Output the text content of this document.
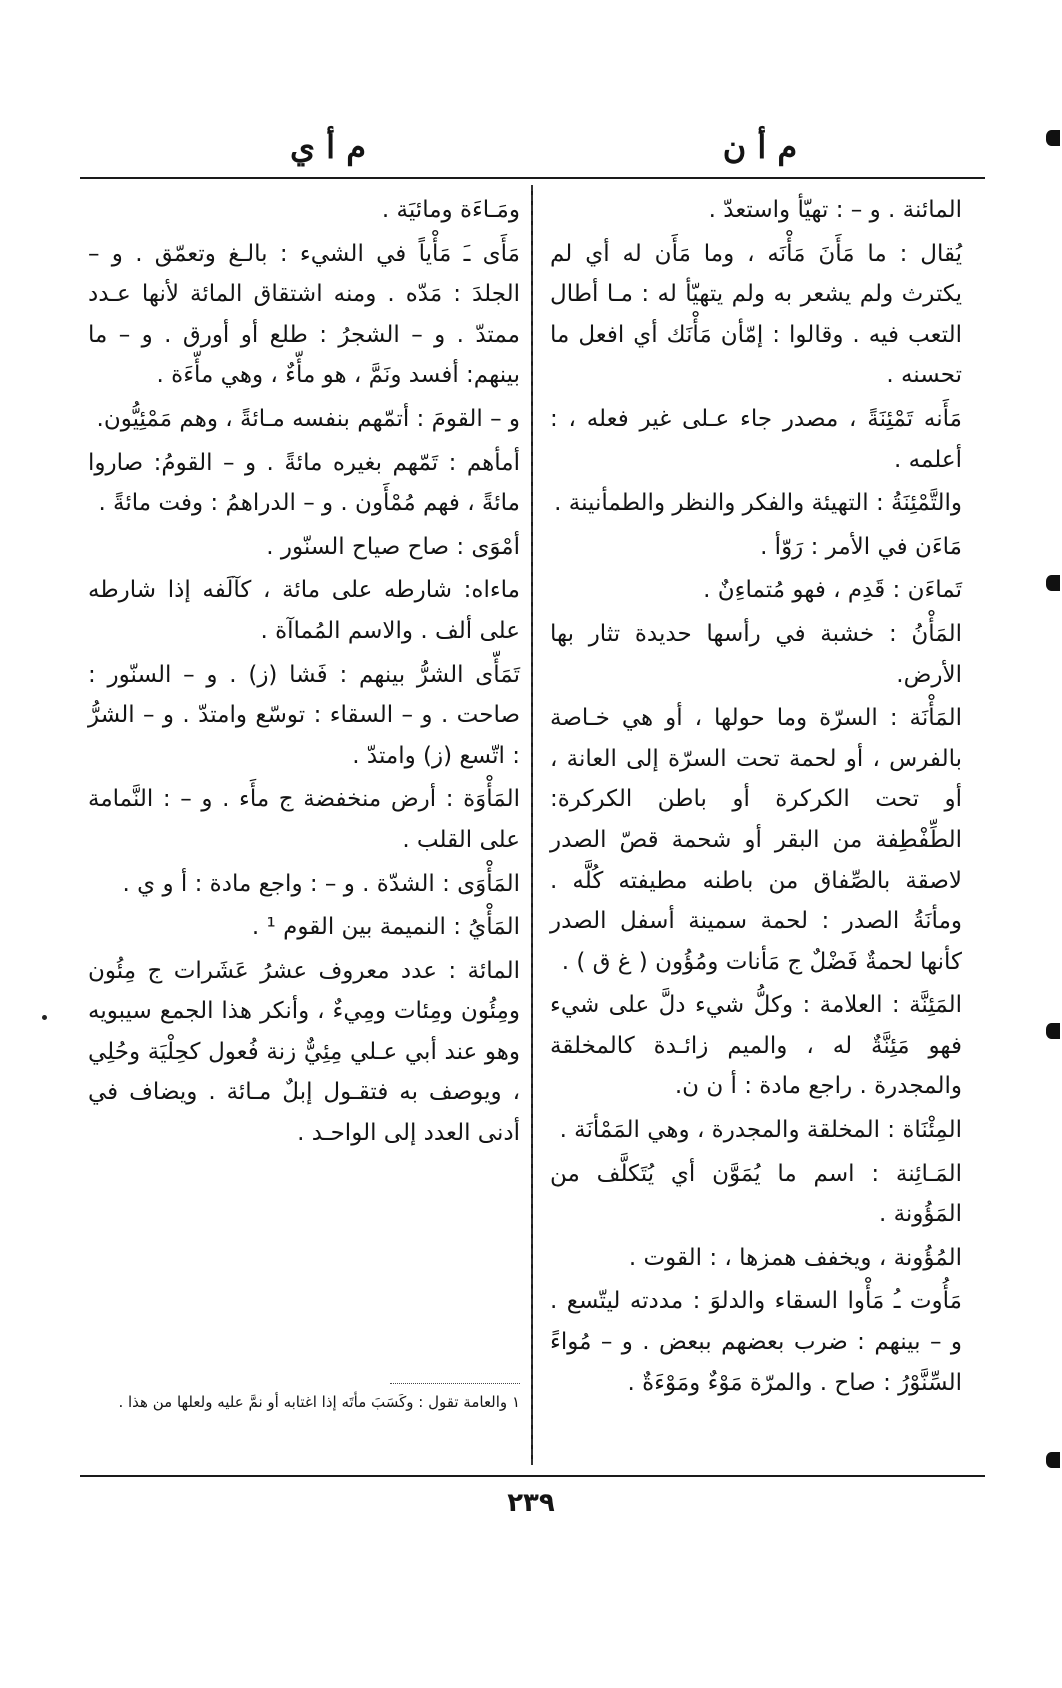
م أ ن
م أ ي

المائنة . و – : تهيّأ واستعدّ .

يُقال : ما مَأَنَ مَأْنَه ، وما مَأَن له أي لم يكترث ولم يشعر به ولم يتهيّأ له : مـا أطال التعب فيه . وقالوا : إمّأن مَأْنَك أي افعل ما تحسنه .

مَأَنه تَمْئِنَةً ، مصدر جاء عـلى غير فعله ، : أعلمه .

والتَّمْئِنَةُ : التهيئة والفكر والنظر والطمأنينة .

مَاءَن في الأمر : رَوّأ .

تَماءَن : قَدِم ، فهو مُتماءِنٌ .

المَأْنُ : خشبة في رأسها حديدة تثار بها الأرض.

المَأْنَة : السرّة وما حولها ، أو هي خـاصة بالفرس ، أو لحمة تحت السرّة إلى العانة ، أو تحت الكركرة أو باطن الكركرة: الطِّفْطِفة من البقر أو شحمة قصّ الصدر لاصقة بالصِّفاق من باطنه مطيفته كُلَّه . ومأنَةُ الصدر : لحمة سمينة أسفل الصدر كأنها لحمةٌ فَضْلٌ ج مَأنات ومُؤُون ( غ ق ) .

المَئِنَّة : العلامة : وكلُّ شيء دلَّ على شيء فهو مَئِنَّةٌ له ، والميم زائـدة كالمخلقة والمجدرة . راجع مادة : أ ن ن.

المِئْنَاة : المخلقة والمجدرة ، وهي المَمْأنَة .

المَـائِنة : اسم ما يُمَوَّن أي يُتَكلَّف من المَؤُونة .

المُؤُونة ، ويخفف همزها ، : القوت .

مَأُوت ـُ مَأْوا السقاء والدلوَ : مددته ليتّسع . و – بينهم : ضرب بعضهم ببعض . و – مُواءً السِّنَّوْرُ : صاح . والمرّة مَوْءٌ ومَوْءَةٌ .

ومَـاءَة ومائيَة .

مَأَى ـَ مَأْياً في الشيء : بالـغ وتعمّق . و – الجلدَ : مَدّه . ومنه اشتقاق المائة لأنها عـدد ممتدّ . و – الشجرُ : طلع أو أورق . و – ما بينهم: أفسد ونَمَّ ، هو مأّءٌ ، وهي مأّءَة .

و – القومَ : أتمّهم بنفسه مـائةً ، وهم مَمْئِيُّون.

أمأهم : تَمّهم بغيره مائةً . و – القومُ: صاروا مائةً ، فهم مُمْأَون . و – الدراهمُ : وفت مائةً .

أمْوَى : صاح صياح السنّور .

ماءاه: شارطه على مائة ، كآلَفه إذا شارطه على ألف . والاسم المُماآة .

تَمَأّى الشرُّ بينهم : فَشا (ز) . و – السنّور : صاحت . و – السقاء : توسّع وامتدّ . و – الشرُّ : اتّسع (ز) وامتدّ .

المَأْوَة : أرض منخفضة ج مأَء . و – : النَّمامة على القلب .

المَأْوَى : الشدّة . و – : واجع مادة : أ و ي .

المَأْيُ : النميمة بين القوم ¹ .

المائة : عدد معروف عشرُ عَشَرات ج مِئُون ومِئُون ومِئات ومِيءٌ ، وأنكر هذا الجمع سيبويه وهو عند أبي عـلي مِئِيٌّ زنة فُعول كحِلْيَة وحُلِي ، ويوصف به فتقـول إبلٌ مـائة . ويضاف في أدنى العدد إلى الواحـد .

١ والعامة تقول : وكَسَبَ مأتَه إذا اغتابه أو نمَّ عليه ولعلها من هذا .
٢٣٩
